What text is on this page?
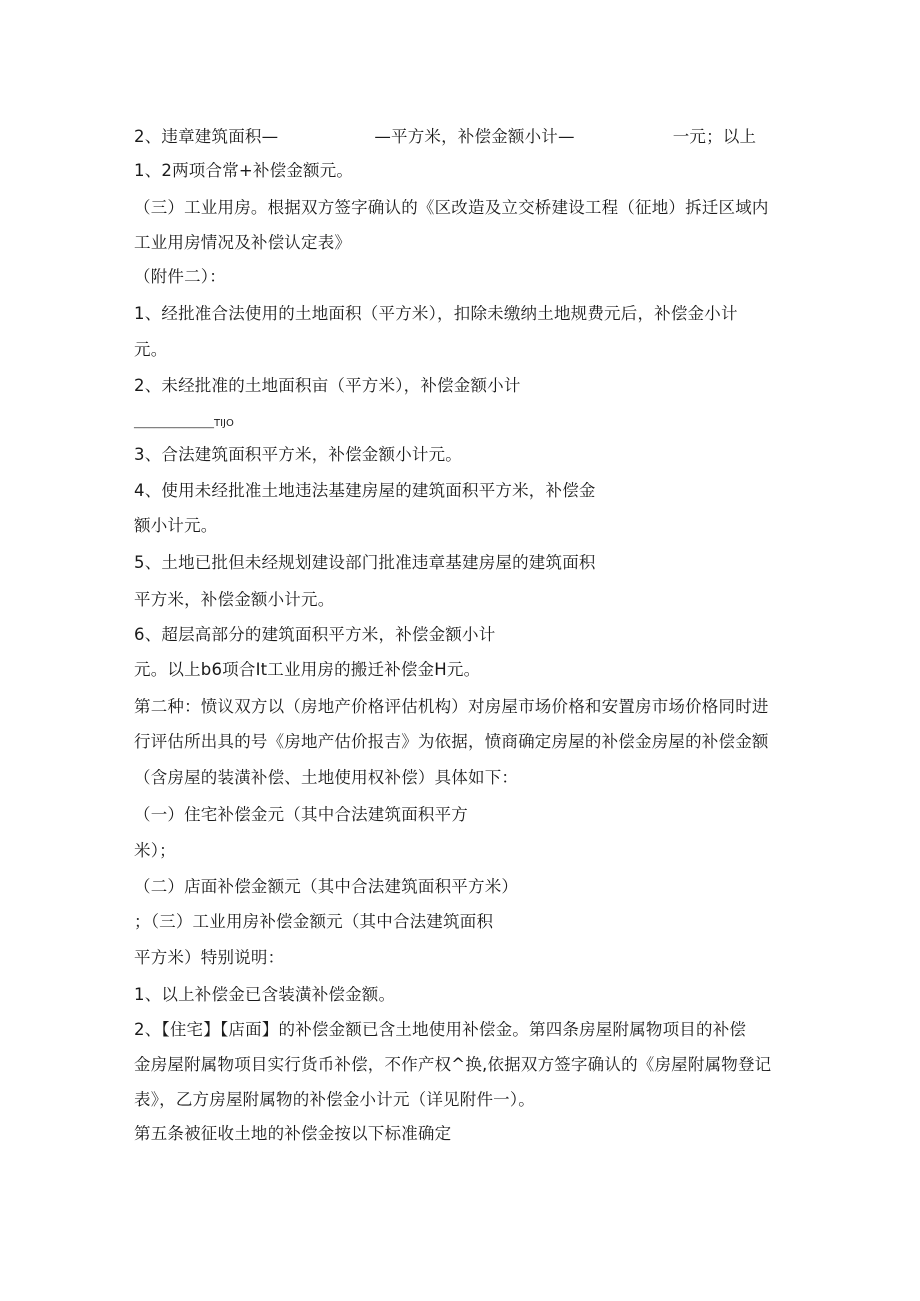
2、违章建筑面积—	—平方米，补偿金额小计—	一元；以上
1、2两项合常+补偿金额元。
（三）工业用房。根据双方签字确认的《区改造及立交桥建设工程（征地）拆迁区域内
工业用房情况及补偿认定表》
（附件二）：
1、经批准合法使用的土地面积（平方米），扣除未缴纳土地规费元后，补偿金小计
元。
2、未经批准的土地面积亩（平方米），补偿金额小计
________________TIJO
3、合法建筑面积平方米，补偿金额小计元。
4、使用未经批准土地违法基建房屋的建筑面积平方米，补偿金
额小计元。
5、土地已批但未经规划建设部门批准违章基建房屋的建筑面积
平方米，补偿金额小计元。
6、超层高部分的建筑面积平方米，补偿金额小计
元。以上b6项合It工业用房的搬迁补偿金H元。
第二种：愤议双方以（房地产价格评估机构）对房屋市场价格和安置房市场价格同时进
行评估所出具的号《房地产估价报吉》为依据，愤商确定房屋的补偿金房屋的补偿金额
（含房屋的装潢补偿、土地使用权补偿）具体如下：
（一）住宅补偿金元（其中合法建筑面积平方
米）；
（二）店面补偿金额元（其中合法建筑面积平方米）
；（三）工业用房补偿金额元（其中合法建筑面积
平方米）特别说明：
1、以上补偿金已含装潢补偿金额。
2、【住宅】【店面】的补偿金额已含土地使用补偿金。第四条房屋附属物项目的补偿
金房屋附属物项目实行货币补偿，不作产权^换,依据双方签字确认的《房屋附属物登记
表》，乙方房屋附属物的补偿金小计元（详见附件一）。
第五条被征收土地的补偿金按以下标准确定
